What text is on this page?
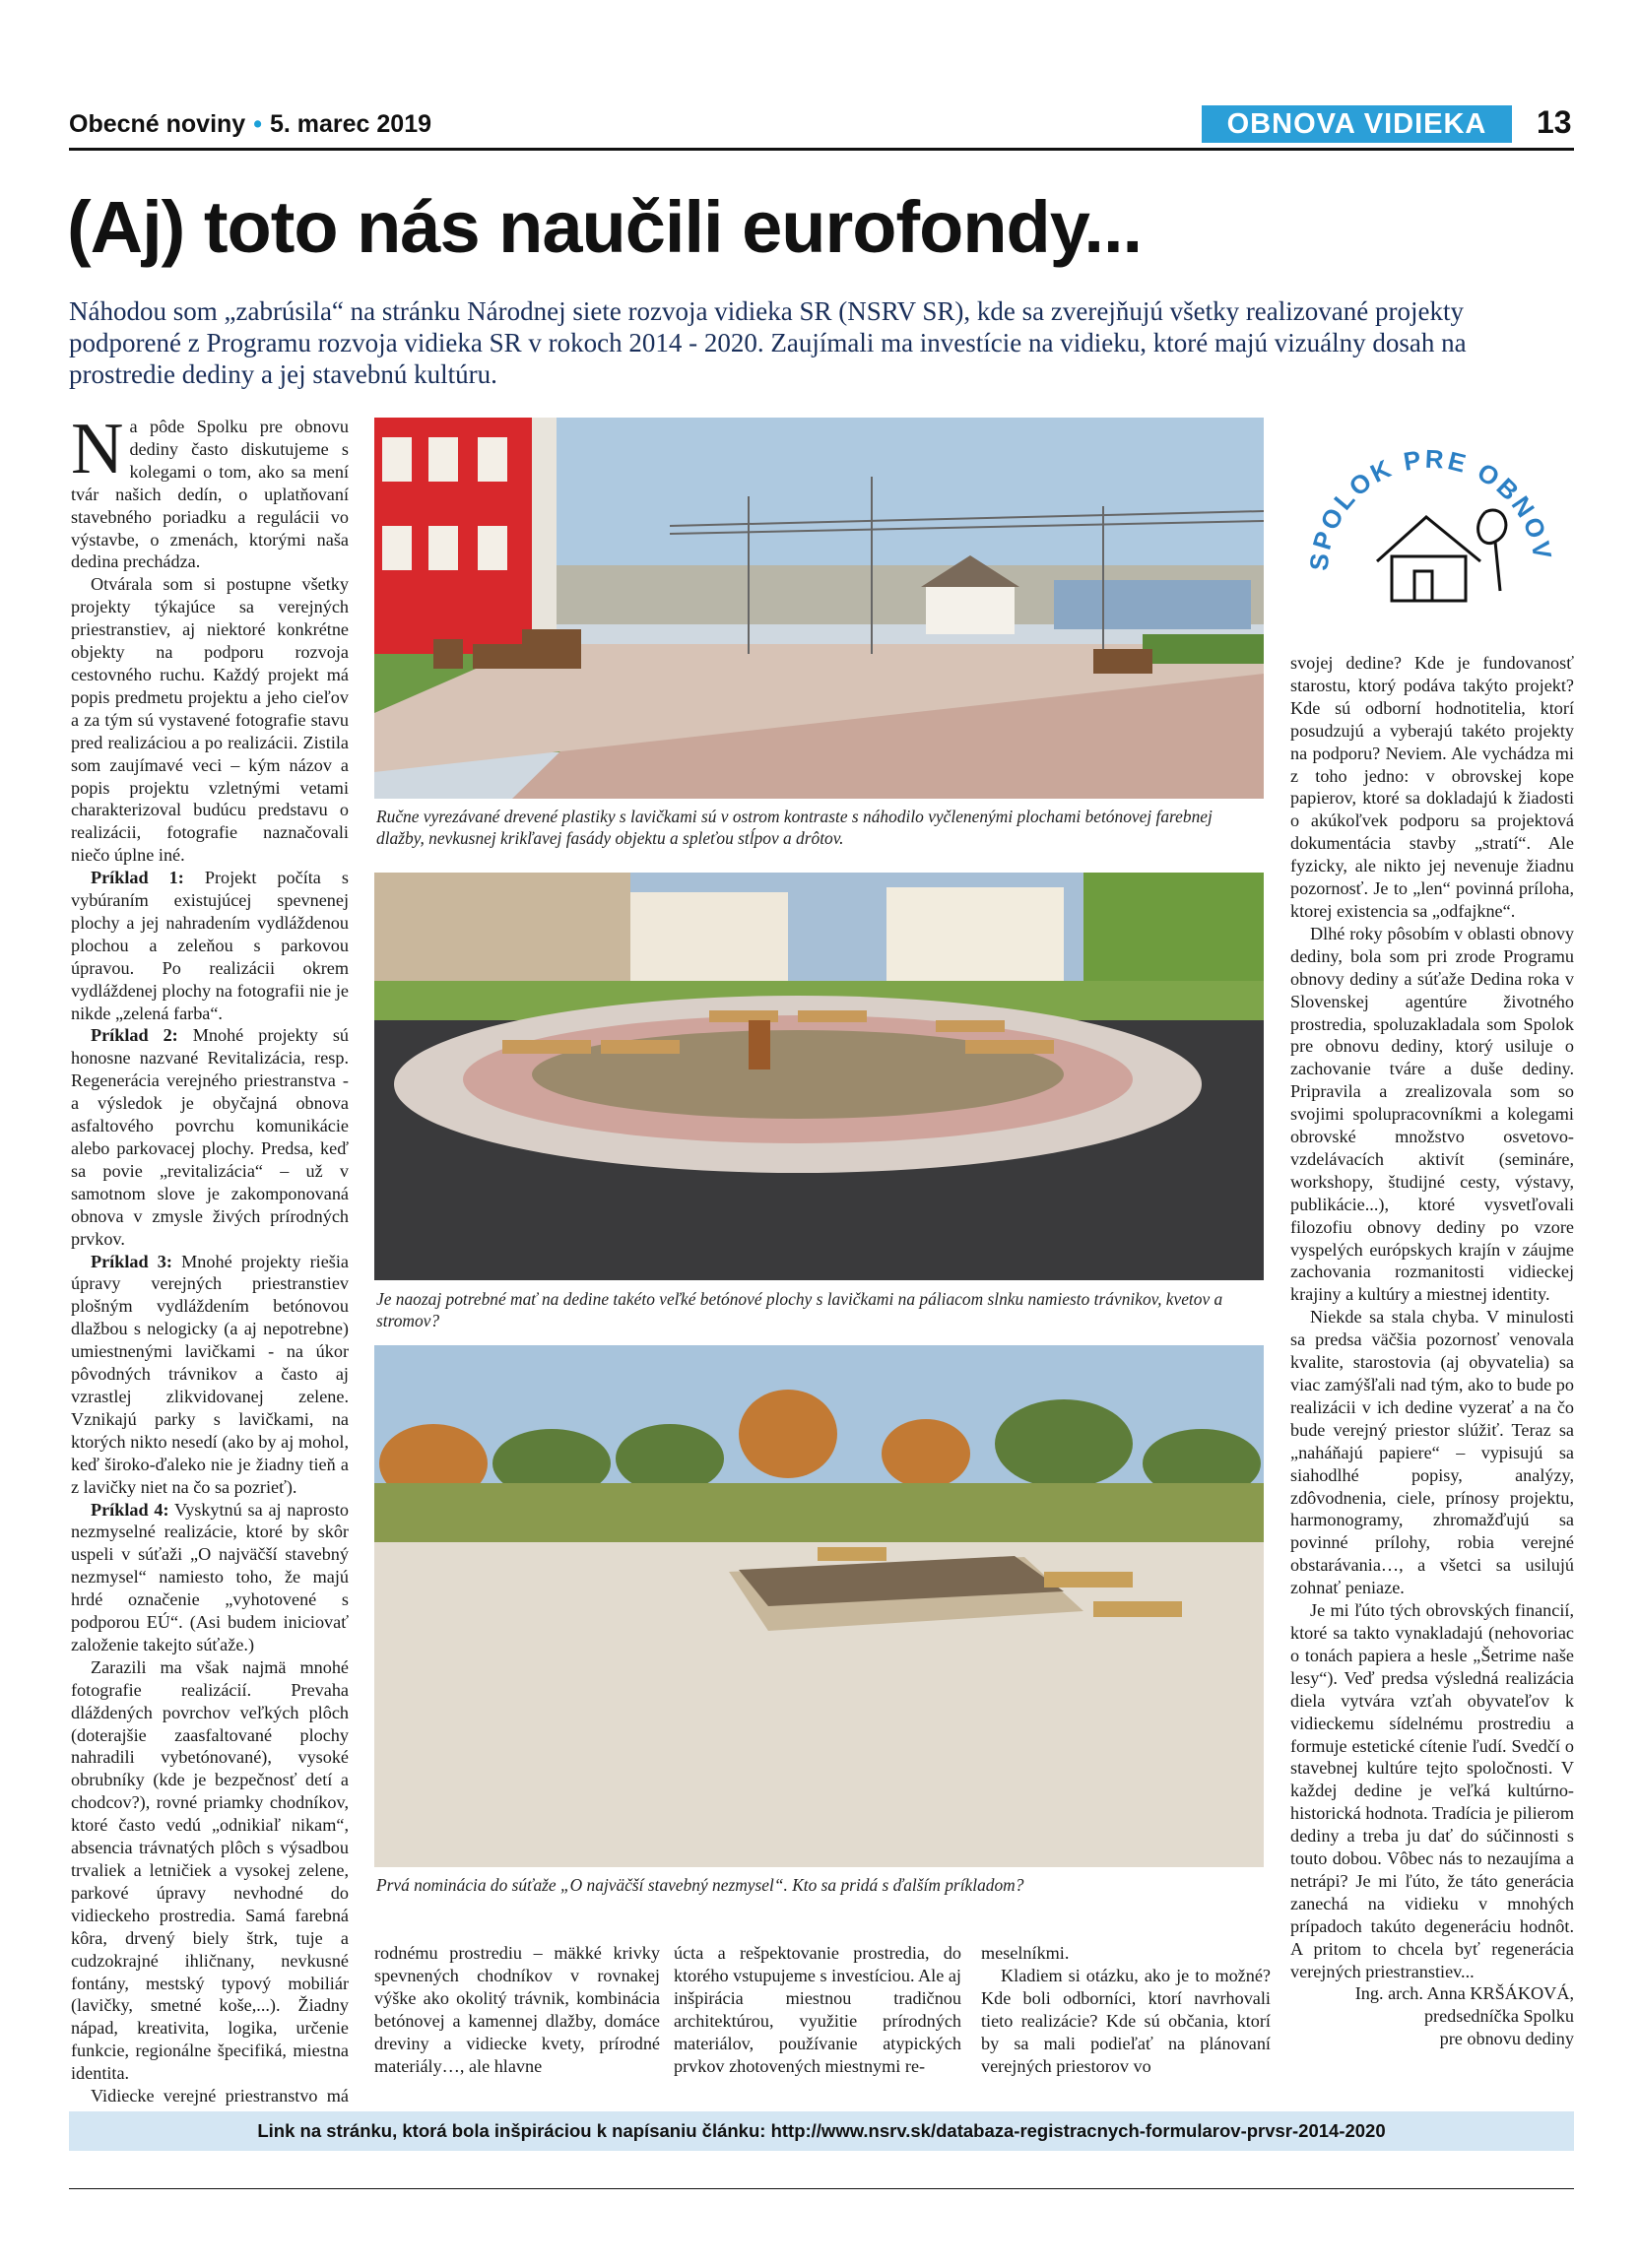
Obecné noviny • 5. marec 2019	OBNOVA VIDIEKA	13
(Aj) toto nás naučili eurofondy...

Náhodou som „zabrúsila“ na stránku Národnej siete rozvoja vidieka SR (NSRV SR), kde sa zverejňujú všetky realizované projekty podporené z Programu rozvoja vidieka SR v rokoch 2014 - 2020. Zaujímali ma investície na vidieku, ktoré majú vizuálny dosah na prostredie dediny a jej stavebnú kultúru.

Na pôde Spolku pre obnovu dediny často diskutujeme s kolegami o tom, ako sa mení tvár našich dedín, o uplatňovaní stavebného poriadku a regulácii vo výstavbe, o zmenách, ktorými naša dedina prechádza.

Otvárala som si postupne všetky projekty týkajúce sa verejných priestranstiev, aj niektoré konkrétne objekty na podporu rozvoja cestovného ruchu. Každý projekt má popis predmetu projektu a jeho cieľov a za tým sú vystavené fotografie stavu pred realizáciou a po realizácii. Zistila som zaujímavé veci – kým názov a popis projektu vzletnými vetami charakterizoval budúcu predstavu o realizácii, fotografie naznačovali niečo úplne iné.

Príklad 1: Projekt počíta s vybúraním existujúcej spevnenej plochy a jej nahradením vydláždenou plochou a zeleňou s parkovou úpravou. Po realizácii okrem vydláždenej plochy na fotografii nie je nikde „zelená farba“.

Príklad 2: Mnohé projekty sú honosne nazvané Revitalizácia, resp. Regenerácia verejného priestranstva - a výsledok je obyčajná obnova asfaltového povrchu komunikácie alebo parkovacej plochy. Predsa, keď sa povie „revitalizácia“ – už v samotnom slove je zakomponovaná obnova v zmysle živých prírodných prvkov.

Príklad 3: Mnohé projekty riešia úpravy verejných priestranstiev plošným vydláždením betónovou dlažbou s nelogicky (a aj nepotrebne) umiestnenými lavičkami - na úkor pôvodných trávnikov a často aj vzrastlej zlikvidovanej zelene. Vznikajú parky s lavičkami, na ktorých nikto nesedí (ako by aj mohol, keď široko-ďaleko nie je žiadny tieň a z lavičky niet na čo sa pozrieť).

Príklad 4: Vyskytnú sa aj naprosto nezmyselné realizácie, ktoré by skôr uspeli v súťaži „O najväčší stavebný nezmysel“ namiesto toho, že majú hrdé označenie „vyhotovené s podporou EÚ“. (Asi budem iniciovať založenie takejto súťaže.)

Zarazili ma však najmä mnohé fotografie realizácií. Prevaha dláždených povrchov veľkých plôch (doterajšie zaasfaltované plochy nahradili vybetónované), vysoké obrubníky (kde je bezpečnosť detí a chodcov?), rovné priamky chodníkov, ktoré často vedú „odnikiaľ nikam“, absencia trávnatých plôch s výsadbou trvaliek a letničiek a vysokej zelene, parkové úpravy nevhodné do vidieckeho prostredia. Samá farebná kôra, drvený biely štrk, tuje a cudzokrajné ihličnany, nevkusné fontány, mestský typový mobiliár (lavičky, smetné koše,...). Žiadny nápad, kreativita, logika, určenie funkcie, regionálne špecifiká, miestna identita.

Vidiecke verejné priestranstvo má

Ručne vyrezávané drevené plastiky s lavičkami sú v ostrom kontraste s náhodilo vyčlenenými plochami betónovej farebnej dlažby, nevkusnej krikľavej fasády objektu a spleťou stĺpov a drôtov.

Je naozaj potrebné mať na dedine takéto veľké betónové plochy s lavičkami na páliacom slnku namiesto trávnikov, kvetov a stromov?

Prvá nominácia do súťaže „O najväčší stavebný nezmysel“. Kto sa pridá s ďalším príkladom?

rodnému prostrediu – mäkké krivky spevnených chodníkov v rovnakej výške ako okolitý trávnik, kombinácia betónovej a kamennej dlažby, domáce dreviny a vidiecke kvety, prírodné materiály…, ale hlavne

úcta a rešpektovanie prostredia, do ktorého vstupujeme s investíciou. Ale aj inšpirácia miestnou tradičnou architektúrou, využitie prírodných materiálov, používanie atypických prvkov zhotovených miestnymi re-

meselníkmi.

Kladiem si otázku, ako je to možné? Kde boli odborníci, ktorí navrhovali tieto realizácie? Kde sú občania, ktorí by sa mali podieľať na plánovaní verejných priestorov vo

SPOLOK PRE OBNOV

svojej dedine? Kde je fundovanosť starostu, ktorý podáva takýto projekt? Kde sú odborní hodnotitelia, ktorí posudzujú a vyberajú takéto projekty na podporu? Neviem. Ale vychádza mi z toho jedno: v obrovskej kope papierov, ktoré sa dokladajú k žiadosti o akúkoľvek podporu sa projektová dokumentácia stavby „stratí“. Ale fyzicky, ale nikto jej nevenuje žiadnu pozornosť. Je to „len“ povinná príloha, ktorej existencia sa „odfajkne“.

Dlhé roky pôsobím v oblasti obnovy dediny, bola som pri zrode Programu obnovy dediny a súťaže Dedina roka v Slovenskej agentúre životného prostredia, spoluzakladala som Spolok pre obnovu dediny, ktorý usiluje o zachovanie tváre a duše dediny. Pripravila a zrealizovala som so svojimi spolupracovníkmi a kolegami obrovské množstvo osvetovo-vzdelávacích aktivít (semináre, workshopy, študijné cesty, výstavy, publikácie...), ktoré vysvetľovali filozofiu obnovy dediny po vzore vyspelých európskych krajín v záujme zachovania rozmanitosti vidieckej krajiny a kultúry a miestnej identity.

Niekde sa stala chyba. V minulosti sa predsa väčšia pozornosť venovala kvalite, starostovia (aj obyvatelia) sa viac zamýšľali nad tým, ako to bude po realizácii v ich dedine vyzerať a na čo bude verejný priestor slúžiť. Teraz sa „naháňajú papiere“ – vypisujú sa siahodlhé popisy, analýzy, zdôvodnenia, ciele, prínosy projektu, harmonogramy, zhromažďujú sa povinné prílohy, robia verejné obstarávania…, a všetci sa usilujú zohnať peniaze.

Je mi ľúto tých obrovských financií, ktoré sa takto vynakladajú (nehovoriac o tonách papiera a hesle „Šetrime naše lesy“). Veď predsa výsledná realizácia diela vytvára vzťah obyvateľov k vidieckemu sídelnému prostrediu a formuje estetické cítenie ľudí. Svedčí o stavebnej kultúre tejto spoločnosti. V každej dedine je veľká kultúrno-historická hodnota. Tradícia je pilierom dediny a treba ju dať do súčinnosti s touto dobou. Vôbec nás to nezaujíma a netrápi? Je mi ľúto, že táto generácia zanechá na vidieku v mnohých prípadoch takúto degeneráciu hodnôt. A pritom to chcela byť regenerácia verejných priestranstiev...

Ing. arch. Anna KRŠÁKOVÁ,

predsedníčka Spolku

pre obnovu dediny

Link na stránku, ktorá bola inšpiráciou k napísaniu článku: http://www.nsrv.sk/databaza-registracnych-formularov-prvsr-2014-2020
